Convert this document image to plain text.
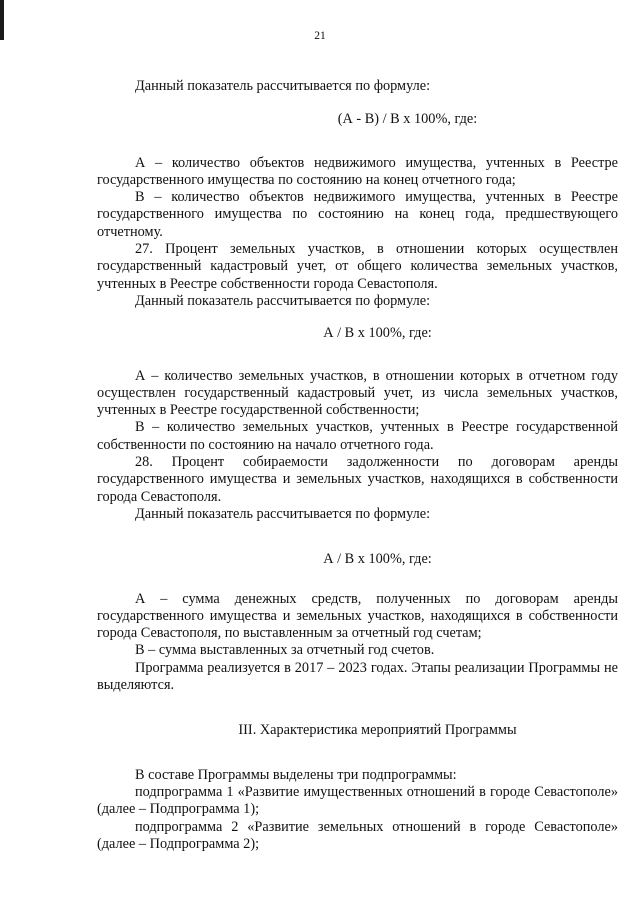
21

Данный показатель рассчитывается по формуле:

(А - В) / В х 100%, где:

А – количество объектов недвижимого имущества, учтенных в Реестре государственного имущества по состоянию на конец отчетного года;

В – количество объектов недвижимого имущества, учтенных в Реестре государственного имущества по состоянию на конец года, предшествующего отчетному.

27. Процент земельных участков, в отношении которых осуществлен государственный кадастровый учет, от общего количества земельных участков, учтенных в Реестре собственности города Севастополя.

Данный показатель рассчитывается по формуле:

А / В х 100%, где:

А – количество земельных участков, в отношении которых в отчетном году осуществлен государственный кадастровый учет, из числа земельных участков, учтенных в Реестре государственной собственности;

В – количество земельных участков, учтенных в Реестре государственной собственности по состоянию на начало отчетного года.

28. Процент собираемости задолженности по договорам аренды государственного имущества и земельных участков, находящихся в собственности города Севастополя.

Данный показатель рассчитывается по формуле:

А / В х 100%, где:

А – сумма денежных средств, полученных по договорам аренды государственного имущества и земельных участков, находящихся в собственности города Севастополя, по выставленным за отчетный год счетам;

В – сумма выставленных за отчетный год счетов.

Программа реализуется в 2017 – 2023 годах. Этапы реализации Программы не выделяются.

III. Характеристика мероприятий Программы

В составе Программы выделены три подпрограммы:

подпрограмма 1 «Развитие имущественных отношений в городе Севастополе» (далее – Подпрограмма 1);

подпрограмма 2 «Развитие земельных отношений в городе Севастополе» (далее – Подпрограмма 2);
